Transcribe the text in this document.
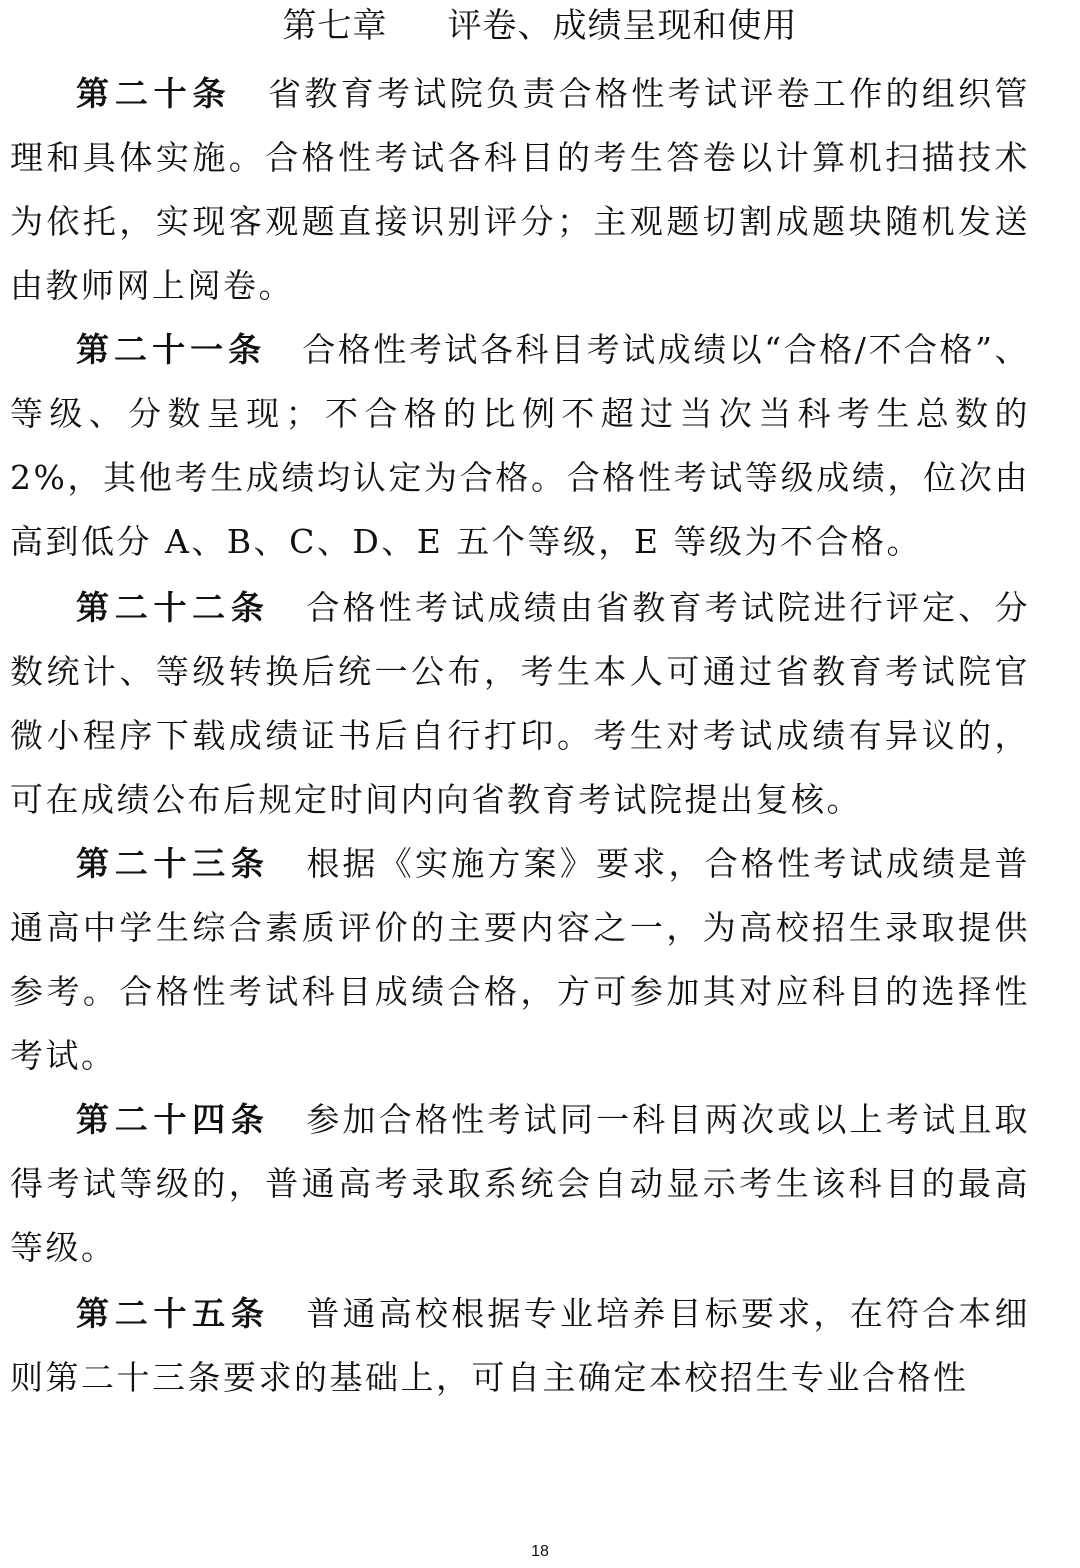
第七章 评卷、成绩呈现和使用

第二十条 省教育考试院负责合格性考试评卷工作的组织管理和具体实施。合格性考试各科目的考生答卷以计算机扫描技术为依托，实现客观题直接识别评分；主观题切割成题块随机发送由教师网上阅卷。

第二十一条 合格性考试各科目考试成绩以“合格/不合格”、等级、分数呈现；不合格的比例不超过当次当科考生总数的 2%，其他考生成绩均认定为合格。合格性考试等级成绩，位次由高到低分 A、B、C、D、E 五个等级，E 等级为不合格。

第二十二条 合格性考试成绩由省教育考试院进行评定、分数统计、等级转换后统一公布，考生本人可通过省教育考试院官微小程序下载成绩证书后自行打印。考生对考试成绩有异议的，可在成绩公布后规定时间内向省教育考试院提出复核。

第二十三条 根据《实施方案》要求，合格性考试成绩是普通高中学生综合素质评价的主要内容之一，为高校招生录取提供参考。合格性考试科目成绩合格，方可参加其对应科目的选择性考试。

第二十四条 参加合格性考试同一科目两次或以上考试且取得考试等级的，普通高考录取系统会自动显示考生该科目的最高等级。

第二十五条 普通高校根据专业培养目标要求，在符合本细则第二十三条要求的基础上，可自主确定本校招生专业合格性

18
